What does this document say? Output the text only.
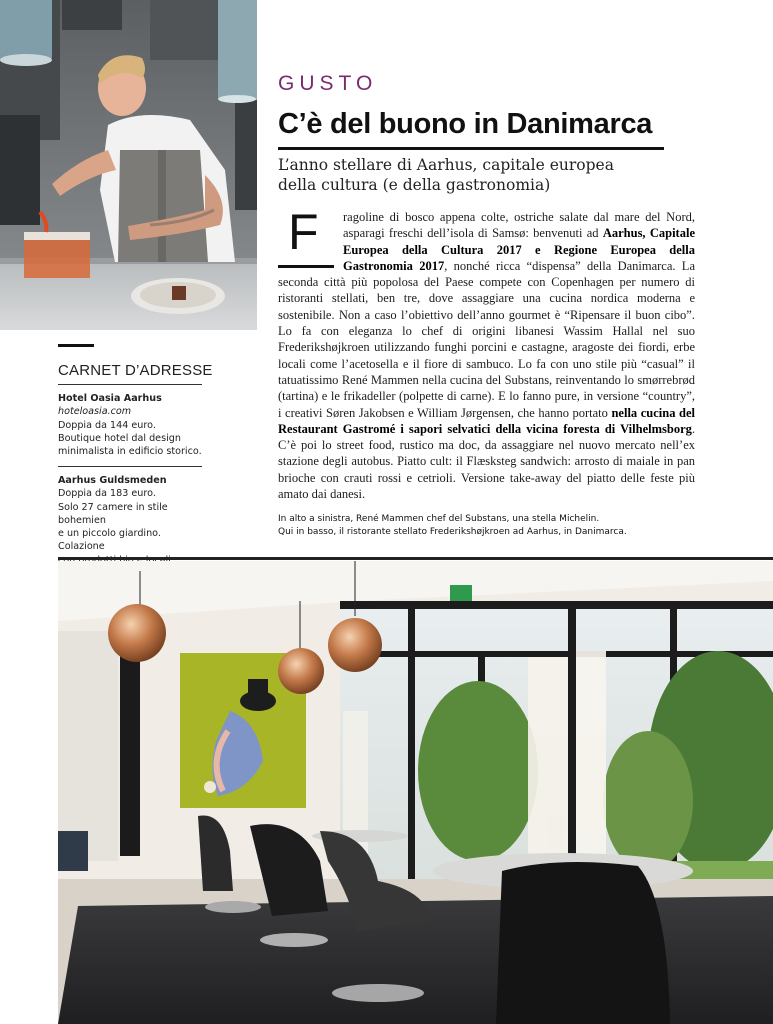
GUSTO
C’è del buono in Danimarca
L’anno stellare di Aarhus, capitale europea
della cultura (e della gastronomia)
F	ragoline di bosco appena colte, ostriche salate dal mare del Nord, asparagi freschi dell’isola di Samsø: benvenuti ad Aarhus, Capitale Europea della Cultura 2017 e Regione Europea della Gastronomia 2017, nonché ricca “dispensa” della Danimarca. La seconda città più popolosa del Paese compete con Copenhagen per numero di ristoranti stellati, ben tre, dove assaggiare una cucina nordica moderna e sostenibile. Non a caso l’obiettivo dell’anno gourmet è “Ripensare il buon cibo”. Lo fa con eleganza lo chef di origini libanesi Wassim Hallal nel suo Frederikshøjkroen utilizzando funghi porcini e castagne, aragoste dei fiordi, erbe locali come l’acetosella e il fiore di sambuco. Lo fa con uno stile più “casual” il tatuatissimo René Mammen nella cucina del Substans, reinventando lo smørrebrød (tartina) e le frikadeller (polpette di carne). E lo fanno pure, in versione “country”, i creativi Søren Jakobsen e William Jørgensen, che hanno portato nella cucina del Restaurant Gastromé i sapori selvatici della vicina foresta di Vilhelmsborg. C’è poi lo street food, rustico ma doc, da assaggiare nel nuovo mercato nell’ex stazione degli autobus. Piatto cult: il Flæsksteg sandwich: arrosto di maiale in pan brioche con crauti rossi e cetrioli. Versione take-away del piatto delle feste più amato dai danesi.
CARNET D’ADRESSE
Hotel Oasia Aarhus
hoteloasia.com
Doppia da 144 euro.
Boutique hotel dal design
minimalista in edificio storico.
Aarhus Guldsmeden
Doppia da 183 euro.
Solo 27 camere in stile bohemien
e un piccolo giardino. Colazione
In alto a sinistra, René Mammen chef del Substans, una stella Michelin.
Qui in basso, il ristorante stellato Frederikshøjkroen ad Aarhus, in Danimarca.
